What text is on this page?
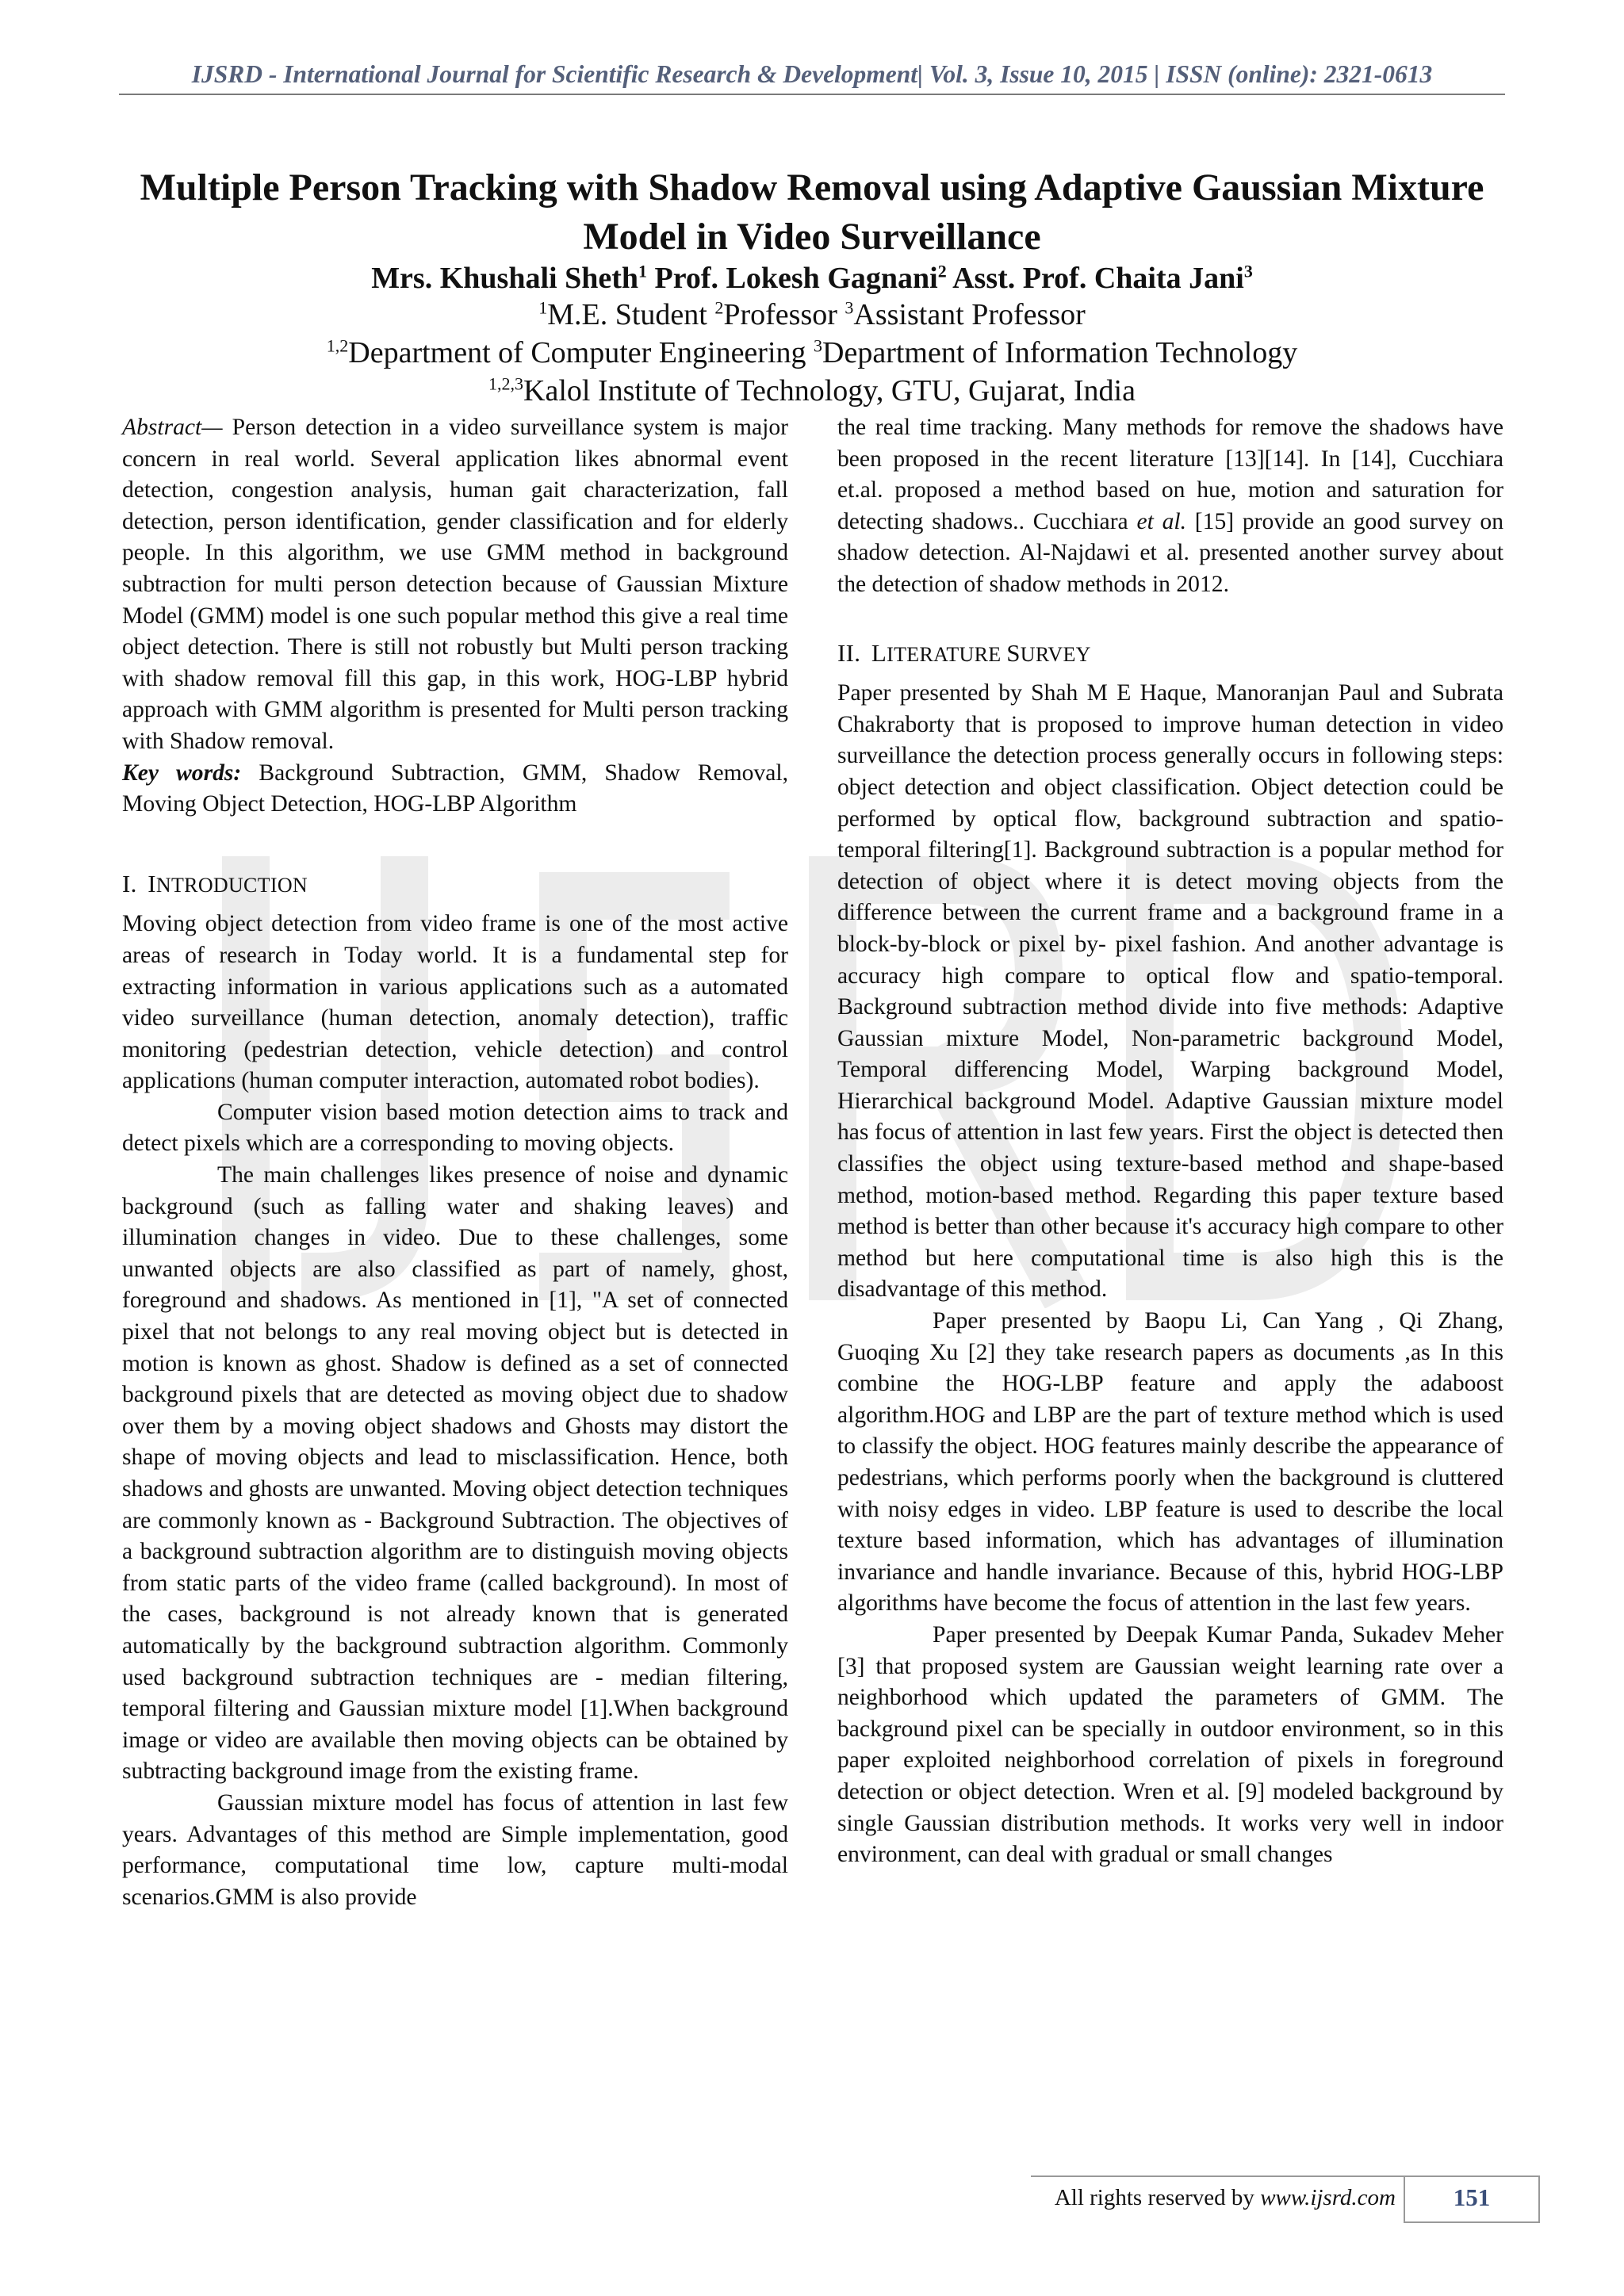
IJSRD - International Journal for Scientific Research & Development| Vol. 3, Issue 10, 2015 | ISSN (online): 2321-0613
Multiple Person Tracking with Shadow Removal using Adaptive Gaussian Mixture Model in Video Surveillance
Mrs. Khushali Sheth$^1$ Prof. Lokesh Gagnani$^2$ Asst. Prof. Chaita Jani$^3$
$^1$M.E. Student $^2$Professor $^3$Assistant Professor
$^{1,2}$Department of Computer Engineering $^3$Department of Information Technology
$^{1,2,3}$Kalol Institute of Technology, GTU, Gujarat, India

Abstract— Person detection in a video surveillance system is major concern in real world. Several application likes abnormal event detection, congestion analysis, human gait characterization, fall detection, person identification, gender classification and for elderly people. In this algorithm, we use GMM method in background subtraction for multi person detection because of Gaussian Mixture Model (GMM) model is one such popular method this give a real time object detection. There is still not robustly but Multi person tracking with shadow removal fill this gap, in this work, HOG-LBP hybrid approach with GMM algorithm is presented for Multi person tracking with Shadow removal.

Key words: Background Subtraction, GMM, Shadow Removal, Moving Object Detection, HOG-LBP Algorithm

I. INTRODUCTION

Moving object detection from video frame is one of the most active areas of research in Today world. It is a fundamental step for extracting information in various applications such as a automated video surveillance (human detection, anomaly detection), traffic monitoring (pedestrian detection, vehicle detection) and control applications (human computer interaction, automated robot bodies).

Computer vision based motion detection aims to track and detect pixels which are a corresponding to moving objects.

The main challenges likes presence of noise and dynamic background (such as falling water and shaking leaves) and illumination changes in video. Due to these challenges, some unwanted objects are also classified as part of namely, ghost, foreground and shadows. As mentioned in [1], "A set of connected pixel that not belongs to any real moving object but is detected in motion is known as ghost. Shadow is defined as a set of connected background pixels that are detected as moving object due to shadow over them by a moving object shadows and Ghosts may distort the shape of moving objects and lead to misclassification. Hence, both shadows and ghosts are unwanted. Moving object detection techniques are commonly known as - Background Subtraction. The objectives of a background subtraction algorithm are to distinguish moving objects from static parts of the video frame (called background). In most of the cases, background is not already known that is generated automatically by the background subtraction algorithm. Commonly used background subtraction techniques are - median filtering, temporal filtering and Gaussian mixture model [1].When background image or video are available then moving objects can be obtained by subtracting background image from the existing frame.

Gaussian mixture model has focus of attention in last few years. Advantages of this method are Simple implementation, good performance, computational time low, capture multi-modal scenarios.GMM is also provide

the real time tracking. Many methods for remove the shadows have been proposed in the recent literature [13][14]. In [14], Cucchiara et.al. proposed a method based on hue, motion and saturation for detecting shadows.. Cucchiara et al. [15] provide an good survey on shadow detection. Al-Najdawi et al. presented another survey about the detection of shadow methods in 2012.

II. LITERATURE SURVEY

Paper presented by Shah M E Haque, Manoranjan Paul and Subrata Chakraborty that is proposed to improve human detection in video surveillance the detection process generally occurs in following steps: object detection and object classification. Object detection could be performed by optical flow, background subtraction and spatio-temporal filtering[1]. Background subtraction is a popular method for detection of object where it is detect moving objects from the difference between the current frame and a background frame in a block-by-block or pixel by- pixel fashion. And another advantage is accuracy high compare to optical flow and spatio-temporal. Background subtraction method divide into five methods: Adaptive Gaussian mixture Model, Non-parametric background Model, Temporal differencing Model, Warping background Model, Hierarchical background Model. Adaptive Gaussian mixture model has focus of attention in last few years. First the object is detected then classifies the object using texture-based method and shape-based method, motion-based method. Regarding this paper texture based method is better than other because it's accuracy high compare to other method but here computational time is also high this is the disadvantage of this method.

Paper presented by Baopu Li, Can Yang , Qi Zhang, Guoqing Xu [2] they take research papers as documents ,as In this combine the HOG-LBP feature and apply the adaboost algorithm.HOG and LBP are the part of texture method which is used to classify the object. HOG features mainly describe the appearance of pedestrians, which performs poorly when the background is cluttered with noisy edges in video. LBP feature is used to describe the local texture based information, which has advantages of illumination invariance and handle invariance. Because of this, hybrid HOG-LBP algorithms have become the focus of attention in the last few years.

Paper presented by Deepak Kumar Panda, Sukadev Meher [3] that proposed system are Gaussian weight learning rate over a neighborhood which updated the parameters of GMM. The background pixel can be specially in outdoor environment, so in this paper exploited neighborhood correlation of pixels in foreground detection or object detection. Wren et al. [9] modeled background by single Gaussian distribution methods. It works very well in indoor environment, can deal with gradual or small changes

All rights reserved by www.ijsrd.com	151
